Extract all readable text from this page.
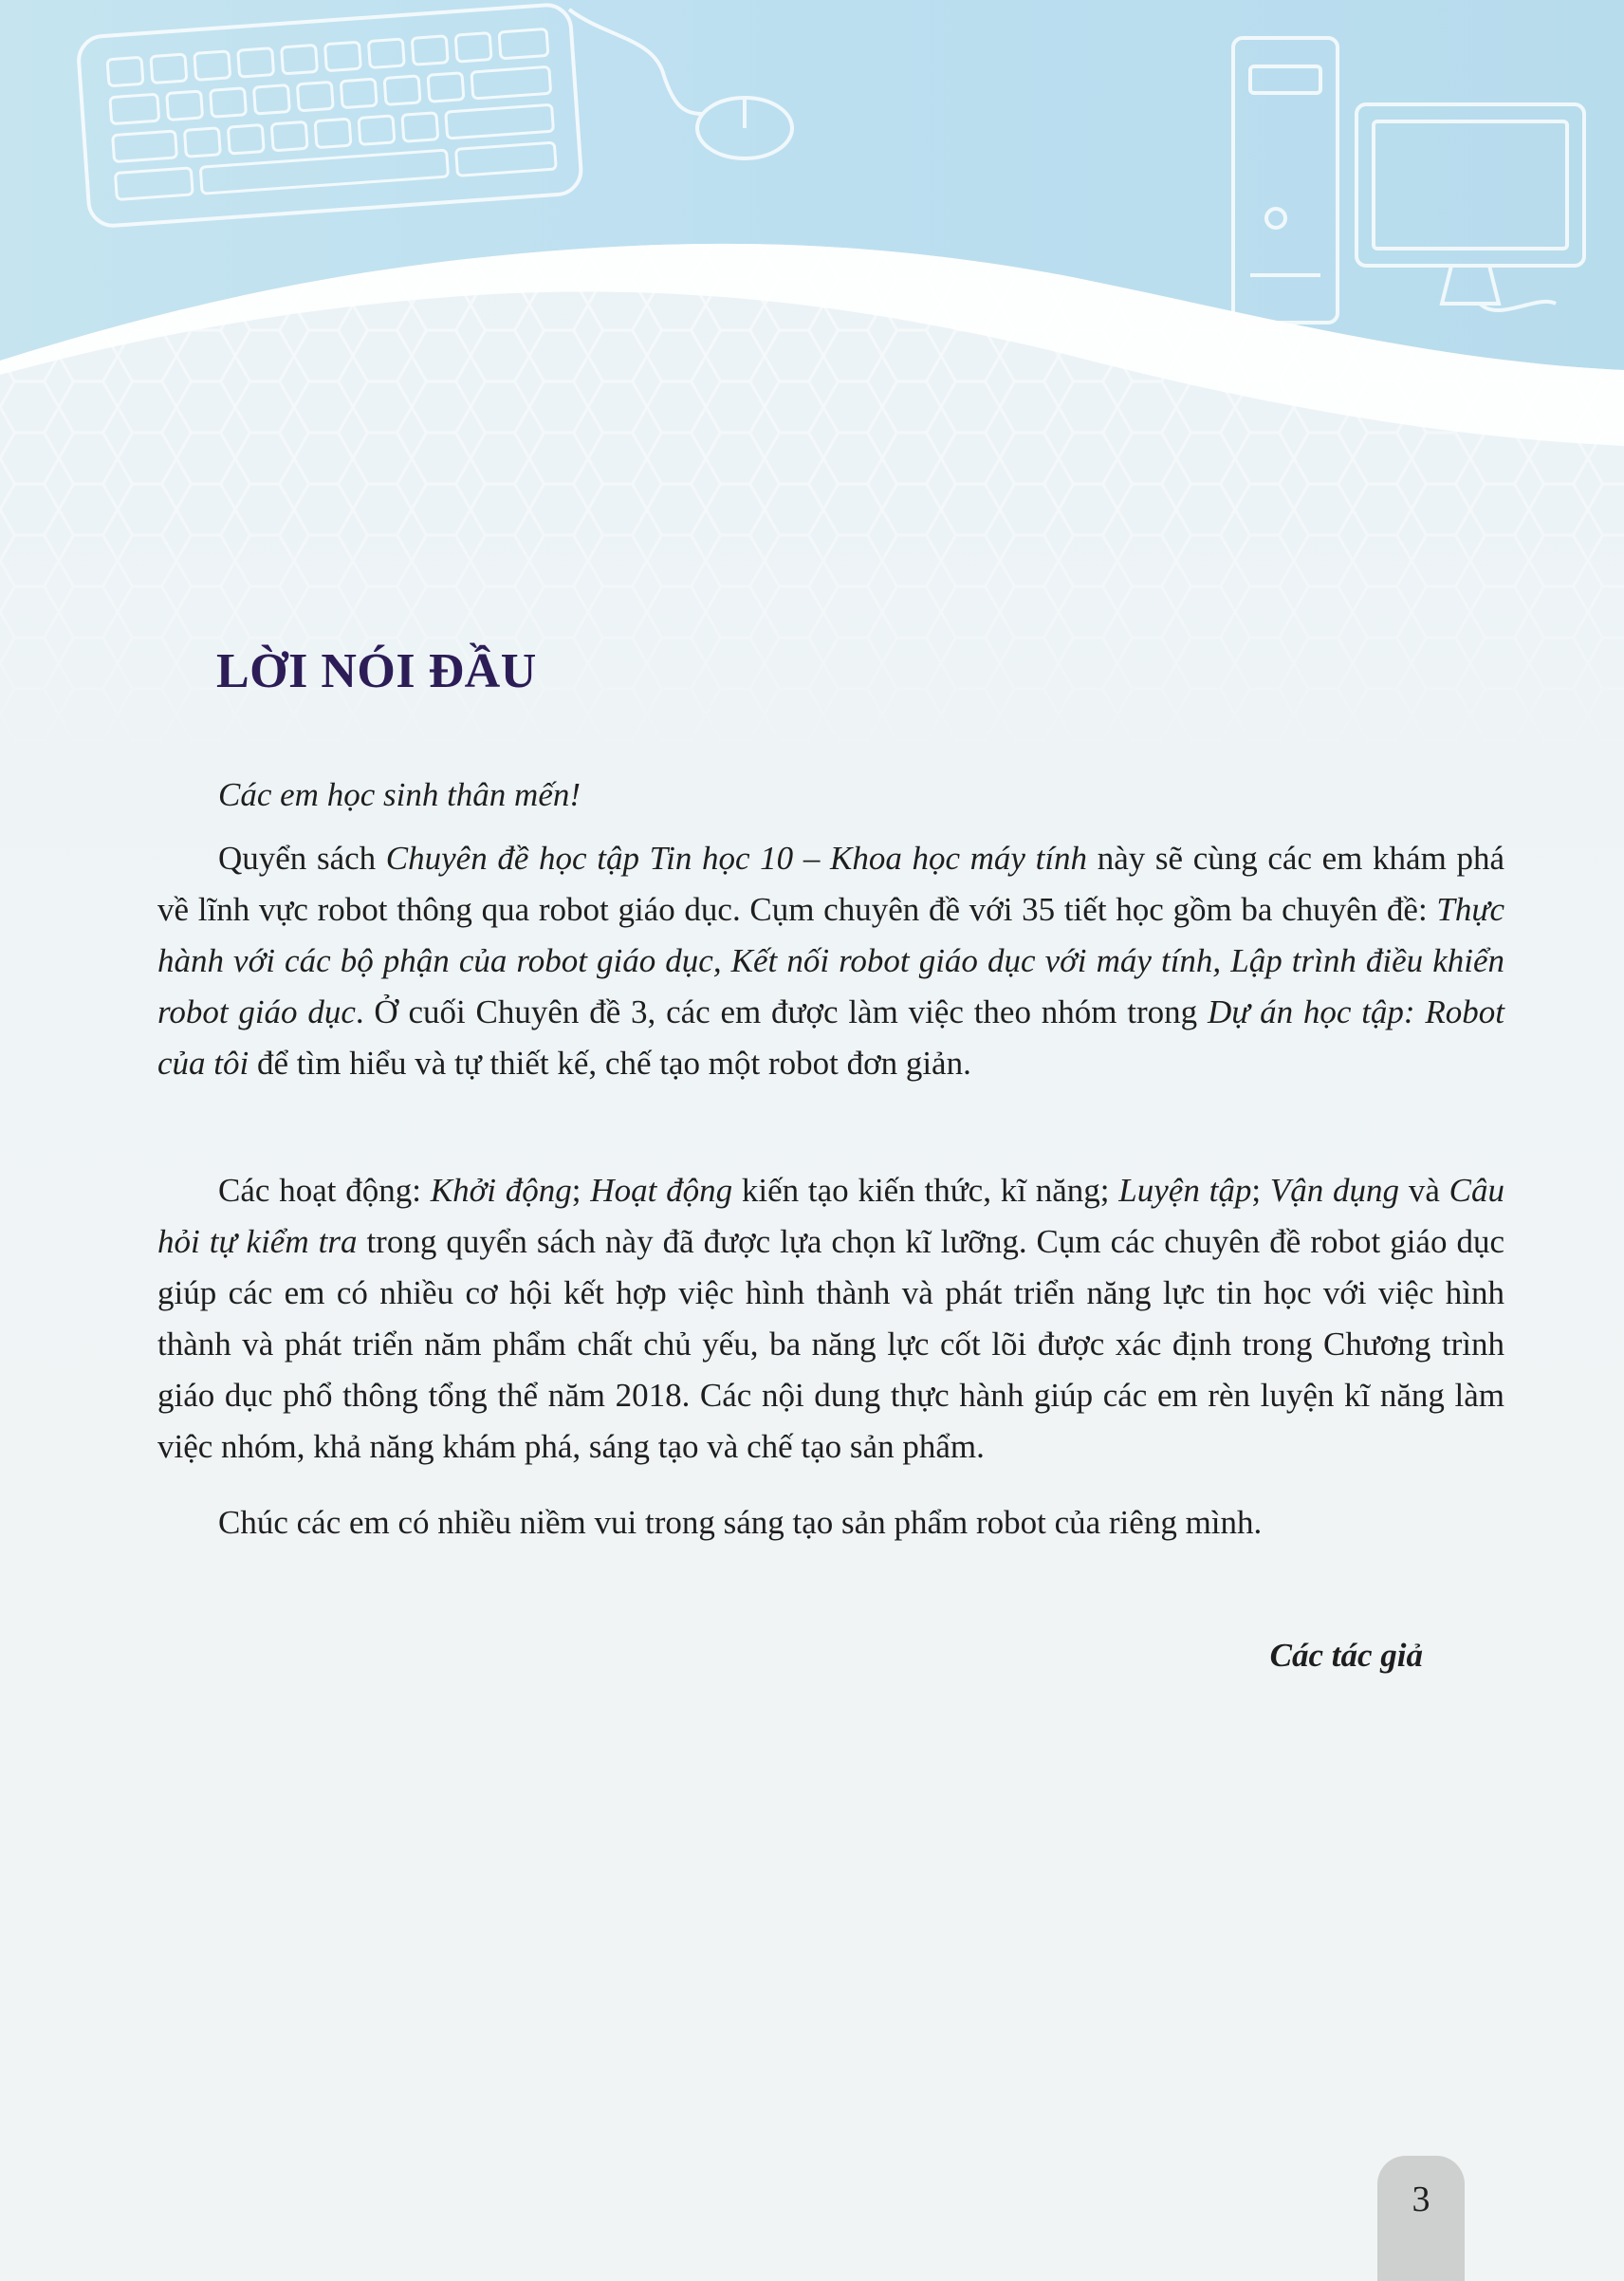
LỜI NÓI ĐẦU
Các em học sinh thân mến!

Quyển sách Chuyên đề học tập Tin học 10 – Khoa học máy tính này sẽ cùng các em khám phá về lĩnh vực robot thông qua robot giáo dục. Cụm chuyên đề với 35 tiết học gồm ba chuyên đề: Thực hành với các bộ phận của robot giáo dục, Kết nối robot giáo dục với máy tính, Lập trình điều khiển robot giáo dục. Ở cuối Chuyên đề 3, các em được làm việc theo nhóm trong Dự án học tập: Robot của tôi để tìm hiểu và tự thiết kế, chế tạo một robot đơn giản.

Các hoạt động: Khởi động; Hoạt động kiến tạo kiến thức, kĩ năng; Luyện tập; Vận dụng và Câu hỏi tự kiểm tra trong quyển sách này đã được lựa chọn kĩ lưỡng. Cụm các chuyên đề robot giáo dục giúp các em có nhiều cơ hội kết hợp việc hình thành và phát triển năng lực tin học với việc hình thành và phát triển năm phẩm chất chủ yếu, ba năng lực cốt lõi được xác định trong Chương trình giáo dục phổ thông tổng thể năm 2018. Các nội dung thực hành giúp các em rèn luyện kĩ năng làm việc nhóm, khả năng khám phá, sáng tạo và chế tạo sản phẩm.

Chúc các em có nhiều niềm vui trong sáng tạo sản phẩm robot của riêng mình.

Các tác giả
3
